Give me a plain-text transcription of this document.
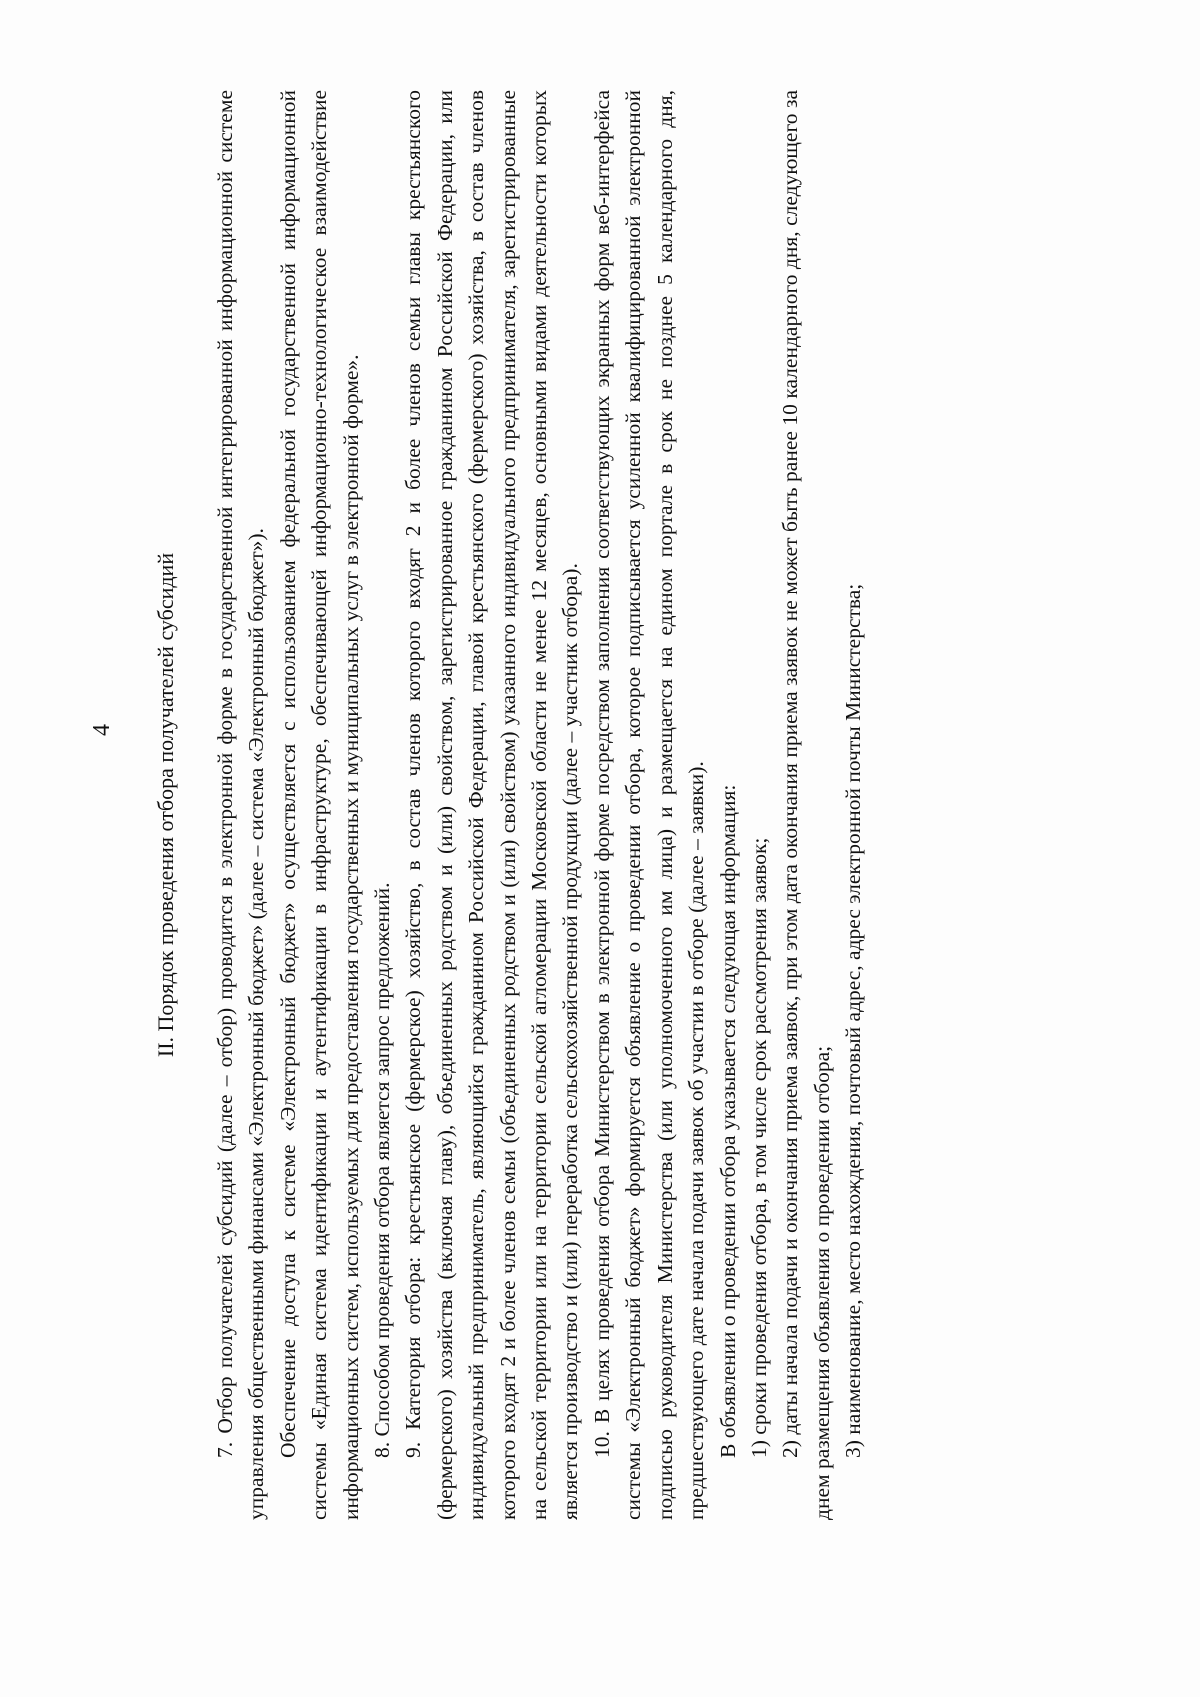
4 II. Порядок проведения отбора получателей субсидий 7. Отбор получателей субсидий (далее – отбор) проводится в электронной форме в государственной интегрированной информационной системе управления общественными финансами «Электронный бюджет» (далее – система «Электронный бюджет»). Обеспечение доступа к системе «Электронный бюджет» осуществляется с использованием федеральной государственной информационной системы «Единая система идентификации и аутентификации в инфраструктуре, обеспечивающей информационно-технологическое взаимодействие информационных систем, используемых для предоставления государственных и муниципальных услуг в электронной форме». 8. Способом проведения отбора является запрос предложений. 9. Категория отбора: крестьянское (фермерское) хозяйство, в состав членов которого входят 2 и более членов семьи главы крестьянского (фермерского) хозяйства (включая главу), объединенных родством и (или) свойством, зарегистрированное гражданином Российской Федерации, или индивидуальный предприниматель, являющийся гражданином Российской Федерации, главой крестьянского (фермерского) хозяйства, в состав членов которого входят 2 и более членов семьи (объединенных родством и (или) свойством) указанного индивидуального предпринимателя, зарегистрированные на сельской территории или на территории сельской агломерации Московской области не менее 12 месяцев, основными видами деятельности которых является производство и (или) переработка сельскохозяйственной продукции (далее – участник отбора). 10. В целях проведения отбора Министерством в электронной форме посредством заполнения соответствующих экранных форм веб-интерфейса системы «Электронный бюджет» формируется объявление о проведении отбора, которое подписывается усиленной квалифицированной электронной подписью руководителя Министерства (или уполномоченного им лица) и размещается на едином портале в срок не позднее 5 календарного дня, предшествующего дате начала подачи заявок об участии в отборе (далее – заявки). В объявлении о проведении отбора указывается следующая информация: 1) сроки проведения отбора, в том числе срок рассмотрения заявок; 2) даты начала подачи и окончания приема заявок, при этом дата окончания приема заявок не может быть ранее 10 календарного дня, следующего за днем размещения объявления о проведении отбора; 3) наименование, место нахождения, почтовый адрес, адрес электронной почты Министерства;
